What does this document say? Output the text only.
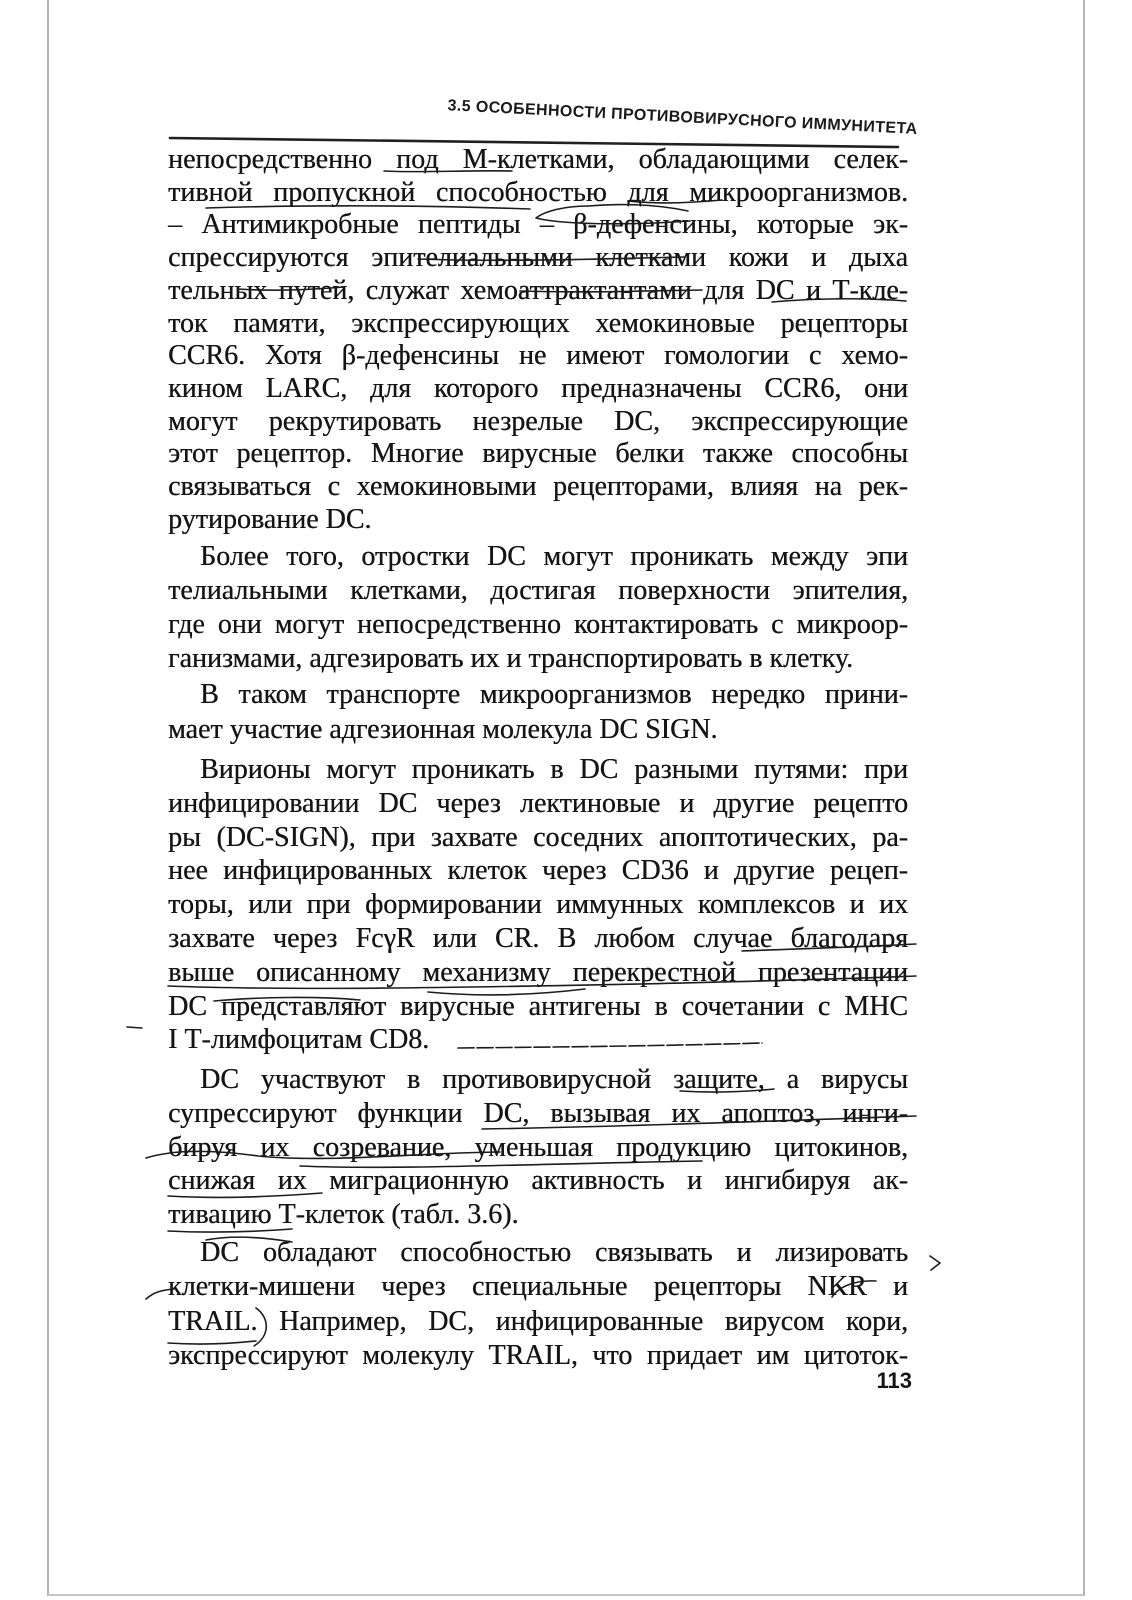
3.5 ОСОБЕННОСТИ ПРОТИВОВИРУСНОГО ИММУНИТЕТА
непосредственно под М-клетками, обладающими селек-
тивной пропускной способностью для микроорганизмов.
– Антимикробные пептиды – β-дефенсины, которые эк-
спрессируются эпителиальными клетками кожи и дыха
тельных путей, служат хемоаттрактантами для DC и Т-кле-
ток памяти, экспрессирующих хемокиновые рецепторы
CCR6. Хотя β-дефенсины не имеют гомологии с хемо-
кином LARC, для которого предназначены CCR6, они
могут рекрутировать незрелые DC, экспрессирующие
этот рецептор. Многие вирусные белки также способны
связываться с хемокиновыми рецепторами, влияя на рек-
рутирование DC.
Более того, отростки DC могут проникать между эпи
телиальными клетками, достигая поверхности эпителия,
где они могут непосредственно контактировать с микроор-
ганизмами, адгезировать их и транспортировать в клетку.
В таком транспорте микроорганизмов нередко прини-
мает участие адгезионная молекула DC SIGN.
Вирионы могут проникать в DC разными путями: при
инфицировании DC через лектиновые и другие рецепто
ры (DC-SIGN), при захвате соседних апоптотических, ра-
нее инфицированных клеток через CD36 и другие рецеп-
торы, или при формировании иммунных комплексов и их
захвате через FcγR или CR. В любом случае благодаря
выше описанному механизму перекрестной презентации
DC представляют вирусные антигены в сочетании с MHC
I Т-лимфоцитам CD8.
DC участвуют в противовирусной защите, а вирусы
супрессируют функции DC, вызывая их апоптоз, инги-
бируя их созревание, уменьшая продукцию цитокинов,
снижая их миграционную активность и ингибируя ак-
тивацию Т-клеток (табл. 3.6).
DC обладают способностью связывать и лизировать
клетки-мишени через специальные рецепторы NKR и
TRAIL. Например, DC, инфицированные вирусом кори,
экспрессируют молекулу TRAIL, что придает им цитоток-
113
